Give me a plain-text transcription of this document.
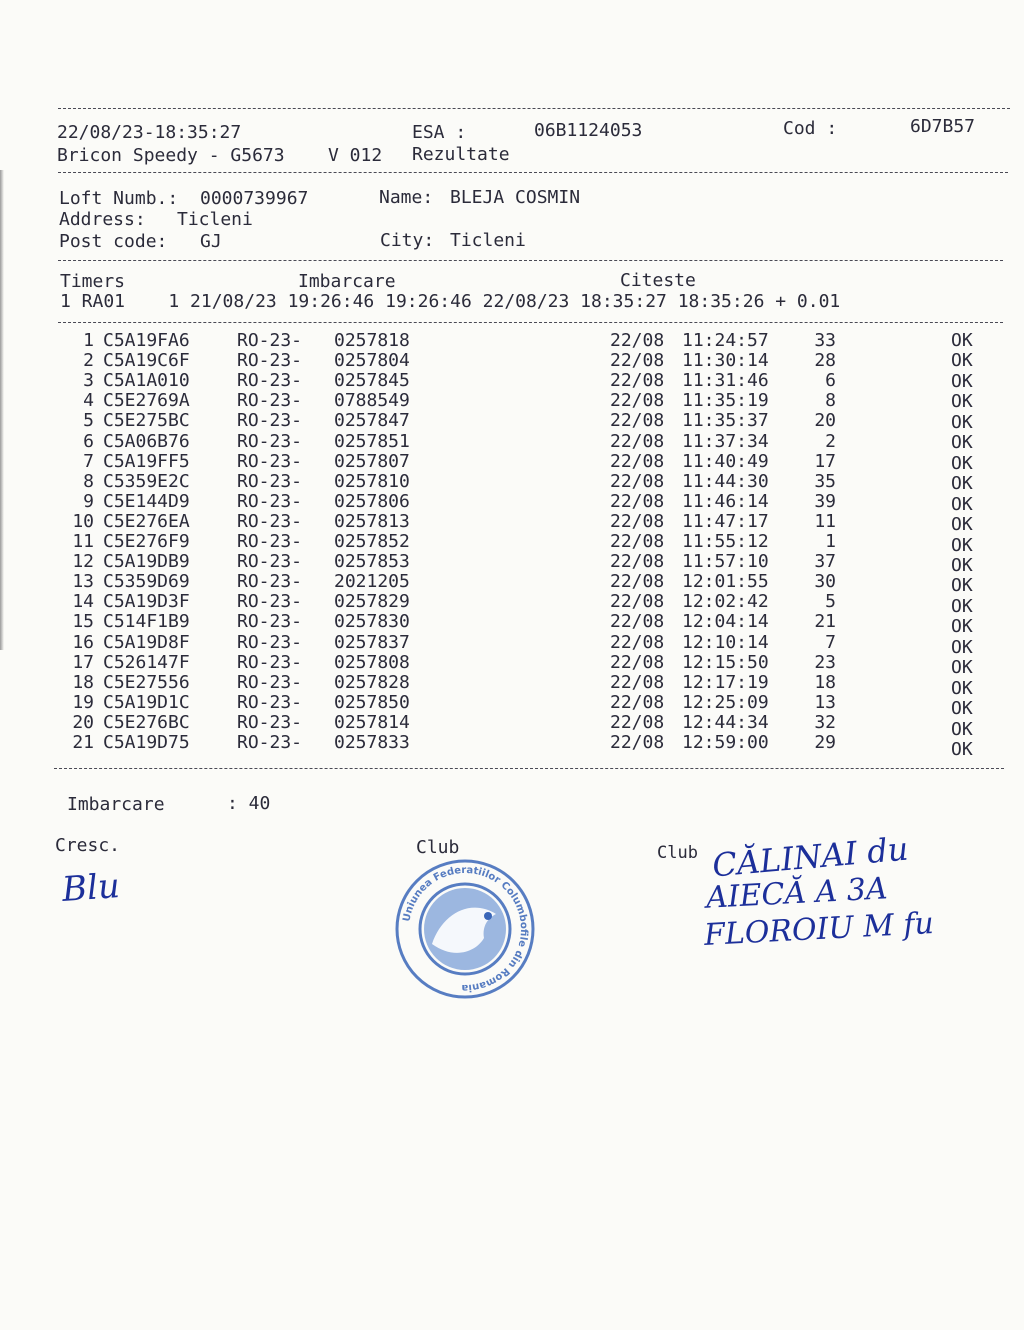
22/08/23-18:35:27	ESA :	06B1124053	Cod :	6D7B57
Bricon Speedy - G5673 V 012 Rezultate
Loft Numb.: 0000739967	Name: BLEJA COSMIN
Address: Ticleni
Post code: GJ	City: Ticleni
Timers	Imbarcare	Citeste
1 RA01    1 21/08/23 19:26:46 19:26:46 22/08/23 18:35:27 18:35:26 + 0.01
1 C5A19FA6	RO-23- 0257818	22/08 11:24:57	33	OK
2 C5A19C6F	RO-23- 0257804	22/08 11:30:14	28	OK
3 C5A1A010	RO-23- 0257845	22/08 11:31:46	6	OK
4 C5E2769A	RO-23- 0788549	22/08 11:35:19	8	OK
5 C5E275BC	RO-23- 0257847	22/08 11:35:37	20	OK
6 C5A06B76	RO-23- 0257851	22/08 11:37:34	2	OK
7 C5A19FF5	RO-23- 0257807	22/08 11:40:49	17	OK
8 C5359E2C	RO-23- 0257810	22/08 11:44:30	35	OK
9 C5E144D9	RO-23- 0257806	22/08 11:46:14	39	OK
10 C5E276EA	RO-23- 0257813	22/08 11:47:17	11	OK
11 C5E276F9	RO-23- 0257852	22/08 11:55:12	1	OK
12 C5A19DB9	RO-23- 0257853	22/08 11:57:10	37	OK
13 C5359D69	RO-23- 2021205	22/08 12:01:55	30	OK
14 C5A19D3F	RO-23- 0257829	22/08 12:02:42	5	OK
15 C514F1B9	RO-23- 0257830	22/08 12:04:14	21	OK
16 C5A19D8F	RO-23- 0257837	22/08 12:10:14	7	OK
17 C526147F	RO-23- 0257808	22/08 12:15:50	23	OK
18 C5E27556	RO-23- 0257828	22/08 12:17:19	18	OK
19 C5A19D1C	RO-23- 0257850	22/08 12:25:09	13	OK
20 C5E276BC	RO-23- 0257814	22/08 12:44:34	32	OK
21 C5A19D75	RO-23- 0257833	22/08 12:59:00	29	OK
Imbarcare	: 40
Cresc.	Club	Club
Blu
CĂLINAI du
AIECĂ A 3A
FLOROIU M fu
Uniunea Federatiilor Columbofile din Romania
